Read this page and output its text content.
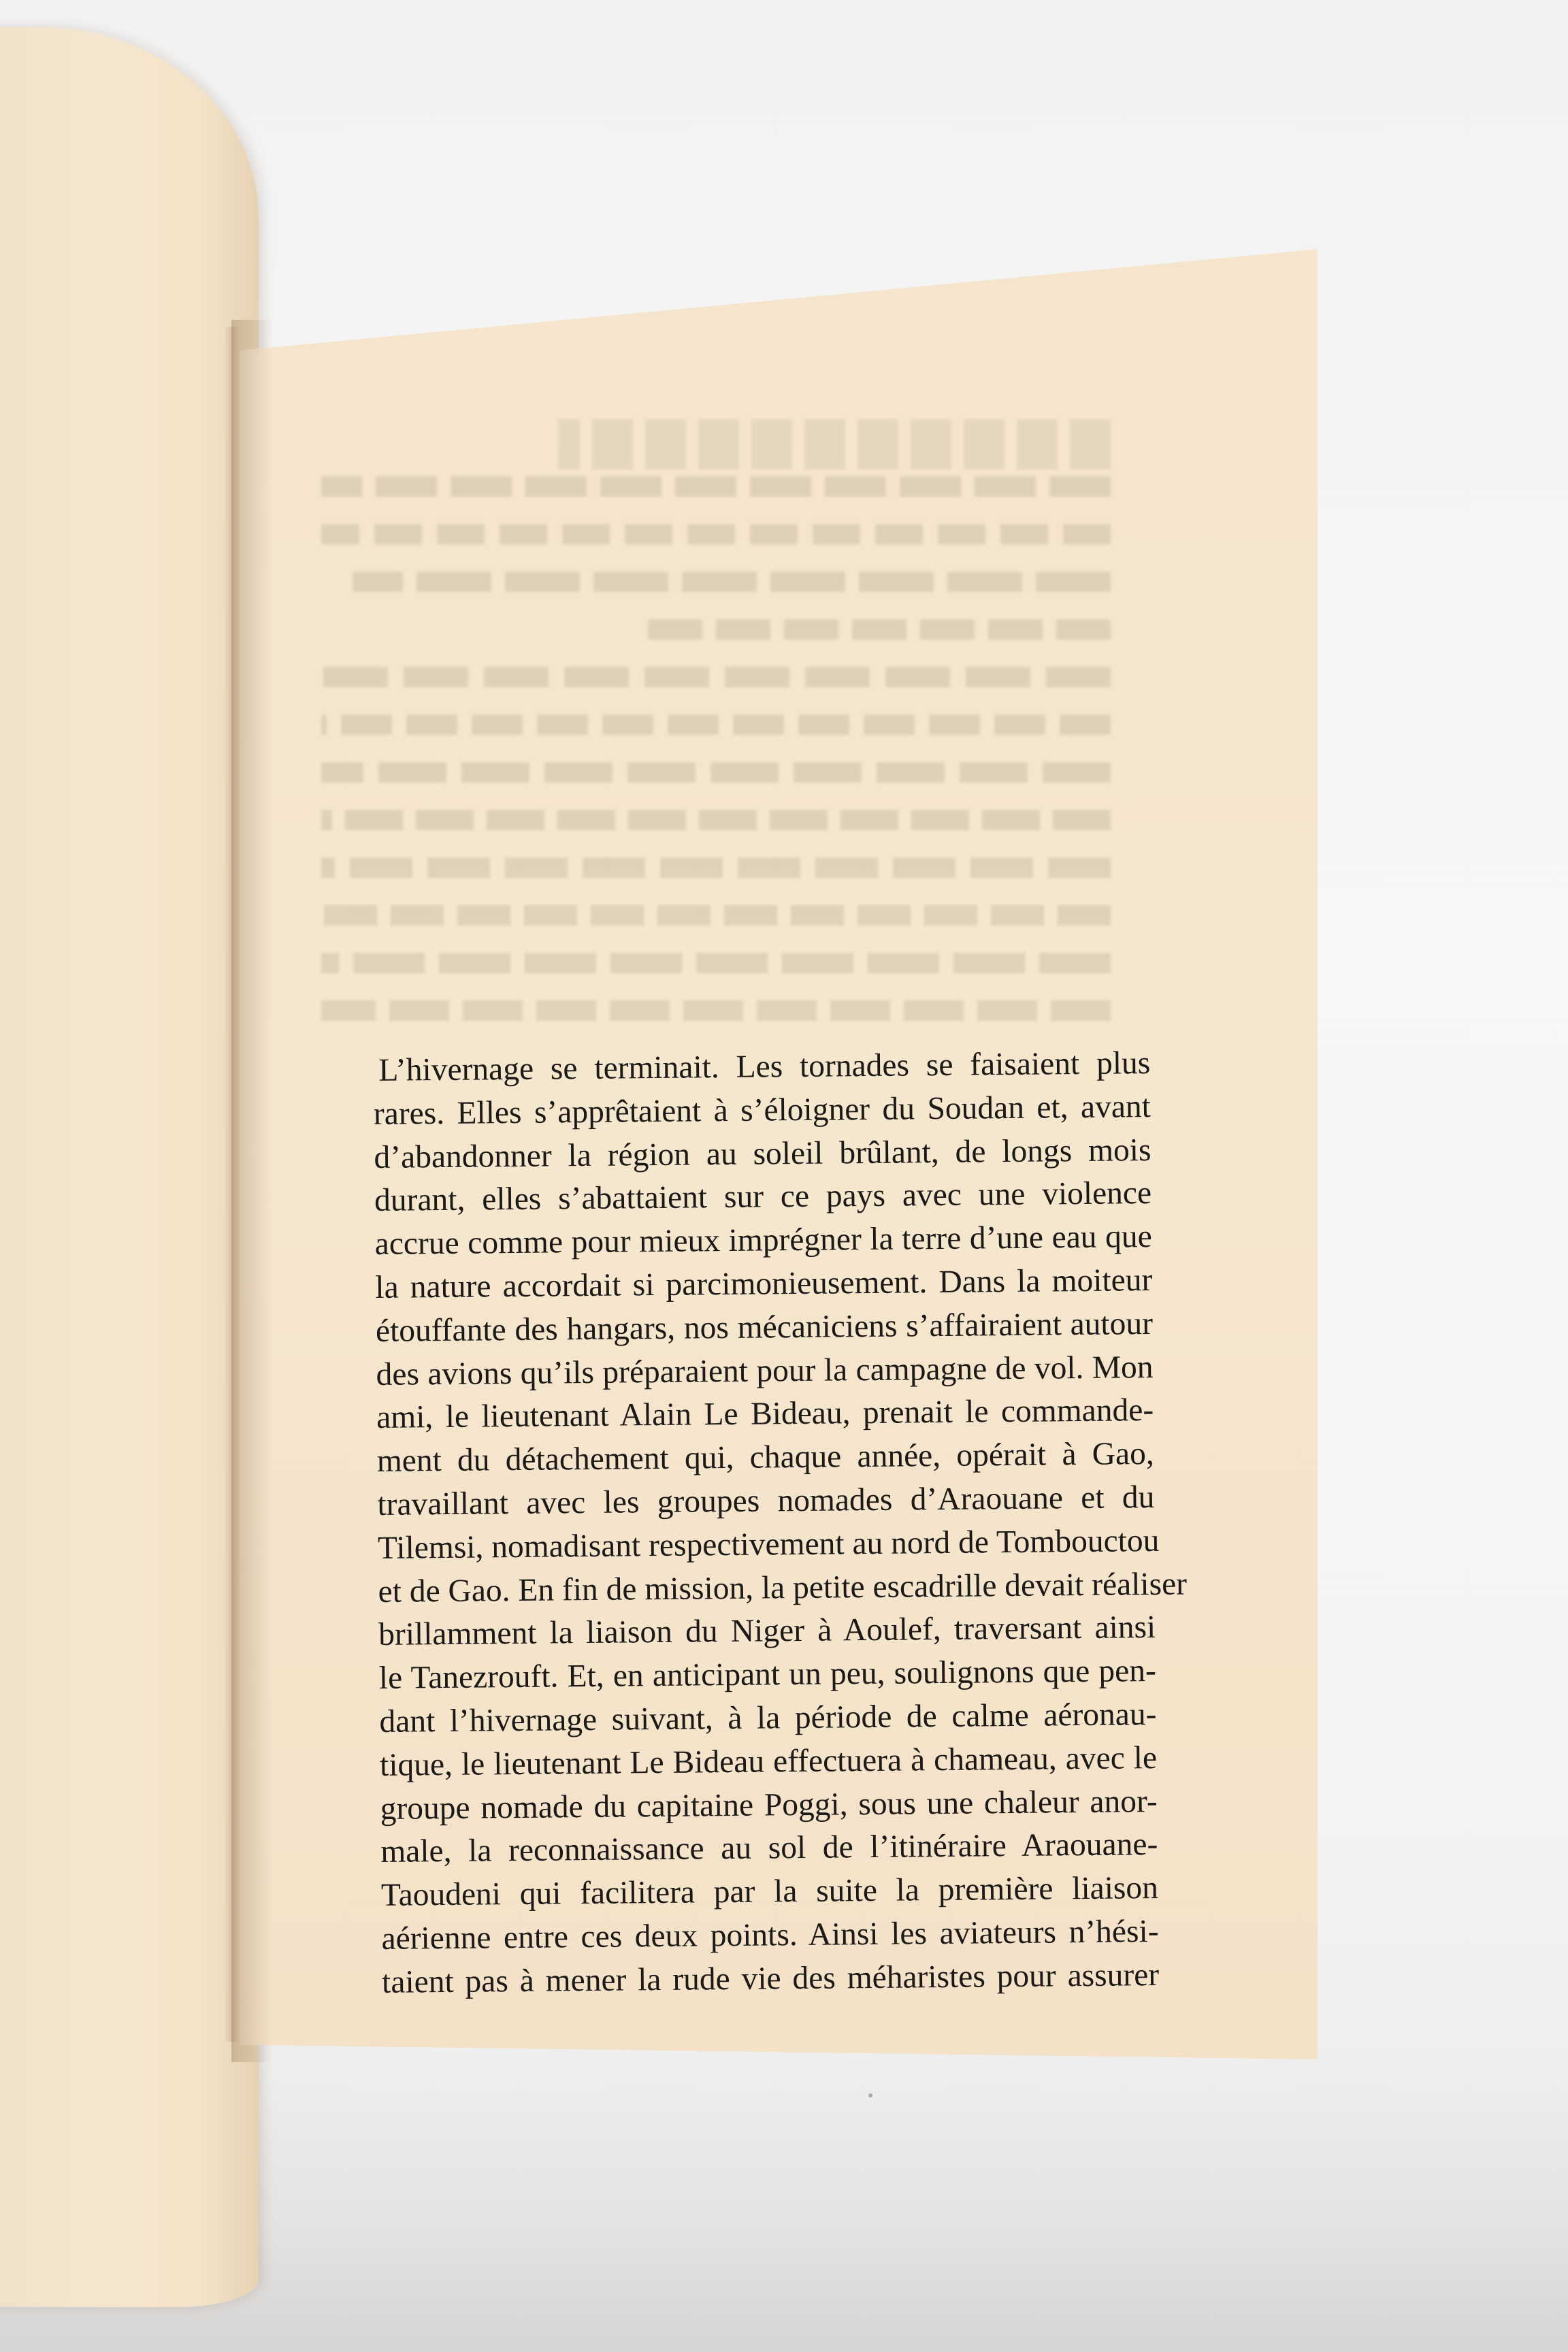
L’hivernage se terminait. Les tornades se faisaient plus
rares. Elles s’apprêtaient à s’éloigner du Soudan et, avant
d’abandonner la région au soleil brûlant, de longs mois
durant, elles s’abattaient sur ce pays avec une violence
accrue comme pour mieux imprégner la terre d’une eau que
la nature accordait si parcimonieusement. Dans la moiteur
étouffante des hangars, nos mécaniciens s’affairaient autour
des avions qu’ils préparaient pour la campagne de vol. Mon
ami, le lieutenant Alain Le Bideau, prenait le commande-
ment du détachement qui, chaque année, opérait à Gao,
travaillant avec les groupes nomades d’Araouane et du
Tilemsi, nomadisant respectivement au nord de Tombouctou
et de Gao. En fin de mission, la petite escadrille devait réaliser
brillamment la liaison du Niger à Aoulef, traversant ainsi
le Tanezrouft. Et, en anticipant un peu, soulignons que pen-
dant l’hivernage suivant, à la période de calme aéronau-
tique, le lieutenant Le Bideau effectuera à chameau, avec le
groupe nomade du capitaine Poggi, sous une chaleur anor-
male, la reconnaissance au sol de l’itinéraire Araouane-
Taoudeni qui facilitera par la suite la première liaison
aérienne entre ces deux points. Ainsi les aviateurs n’hési-
taient pas à mener la rude vie des méharistes pour assurer
